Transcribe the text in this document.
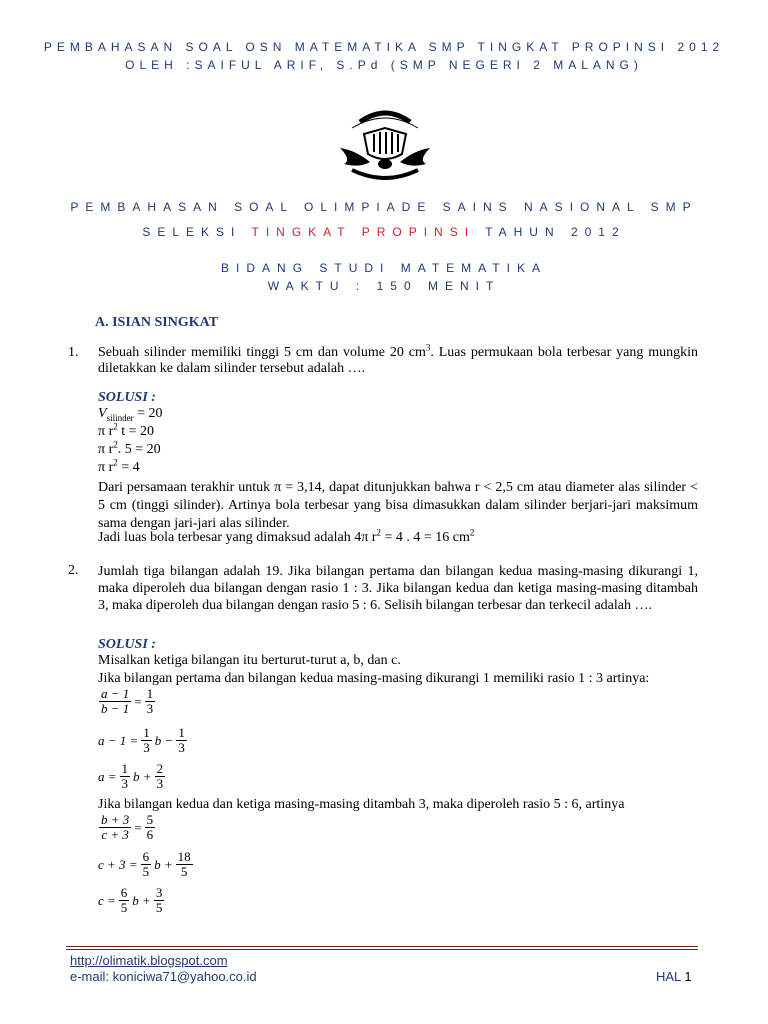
PEMBAHASAN SOAL OSN MATEMATIKA SMP TINGKAT PROPINSI 2012
OLEH :SAIFUL ARIF, S.Pd (SMP NEGERI 2 MALANG)
PEMBAHASAN SOAL OLIMPIADE SAINS NASIONAL SMP
SELEKSI TINGKAT PROPINSI TAHUN 2012
BIDANG STUDI MATEMATIKA
WAKTU : 150 MENIT
A. ISIAN SINGKAT
1. Sebuah silinder memiliki tinggi 5 cm dan volume 20 $cm^3$. Luas permukaan bola terbesar yang mungkin diletakkan ke dalam silinder tersebut adalah ….
SOLUSI :
$V_{silinder} = 20$
π $r^2$ t = 20
π $r^2$. 5 = 20
π $r^2 = 4$
Dari persamaan terakhir untuk π = 3,14, dapat ditunjukkan bahwa r < 2,5 cm atau diameter alas silinder < 5 cm (tinggi silinder). Artinya bola terbesar yang bisa dimasukkan dalam silinder berjari-jari maksimum sama dengan jari-jari alas silinder.
Jadi luas bola terbesar yang dimaksud adalah 4π $r^2 = 4$ . 4 = 16 $cm^2$
2. Jumlah tiga bilangan adalah 19. Jika bilangan pertama dan bilangan kedua masing-masing dikurangi 1, maka diperoleh dua bilangan dengan rasio 1 : 3. Jika bilangan kedua dan ketiga masing-masing ditambah 3, maka diperoleh dua bilangan dengan rasio 5 : 6. Selisih bilangan terbesar dan terkecil adalah ….
SOLUSI :
Misalkan ketiga bilangan itu berturut-turut a, b, dan c.
Jika bilangan pertama dan bilangan kedua masing-masing dikurangi 1 memiliki rasio 1 : 3 artinya:
$\frac{a - 1}{b - 1} = \frac{1}{3}$
$a - 1 = \frac{1}{3}$ $b - \frac{1}{3}$
$a = \frac{1}{3}$ $b + \frac{2}{3}$
Jika bilangan kedua dan ketiga masing-masing ditambah 3, maka diperoleh rasio 5 : 6, artinya
$\frac{b + 3}{c + 3} = \frac{5}{6}$
$c + 3 = \frac{6}{5}$ $b + \frac{18}{5}$
$c = \frac{6}{5}$ $b + \frac{3}{5}$
http://olimatik.blogspot.com
e-mail: koniciwa71@yahoo.co.id	HAL 1
